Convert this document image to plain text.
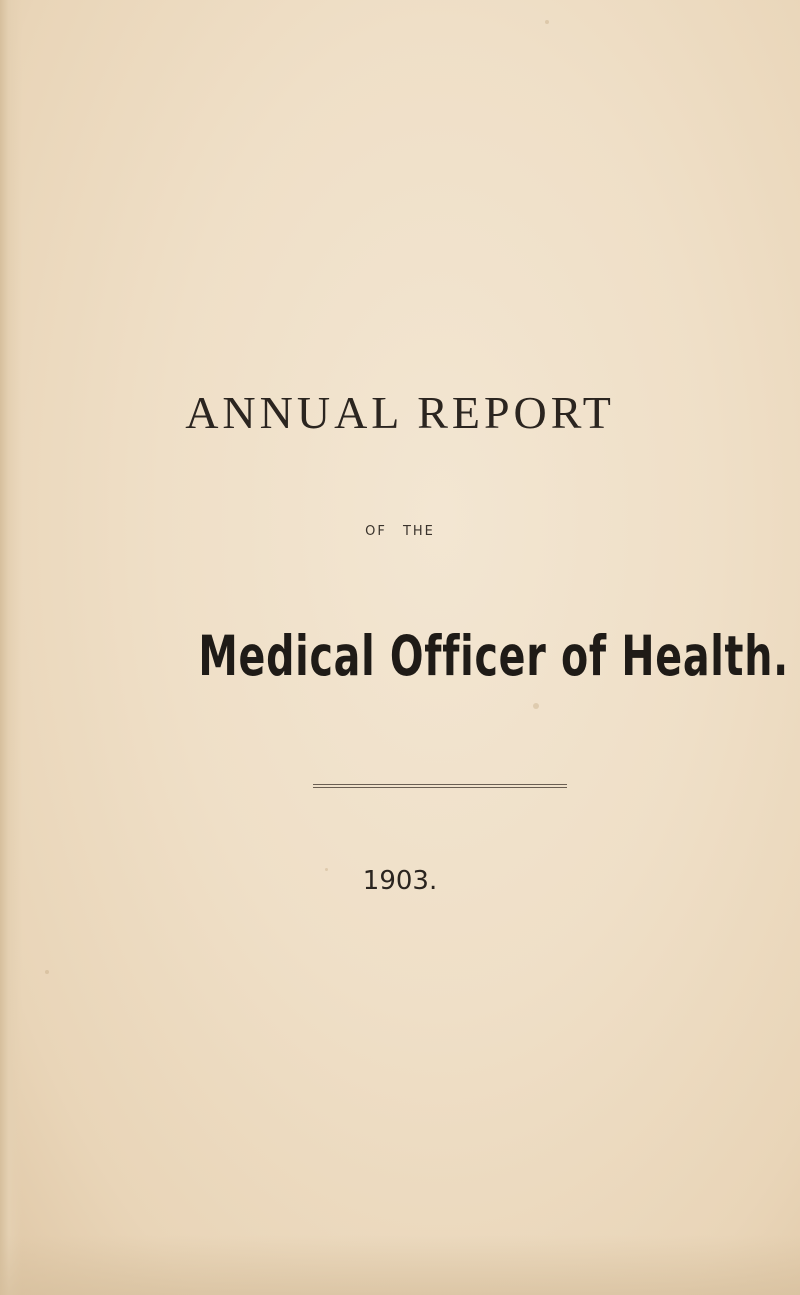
ANNUAL REPORT
OF THE
Medical Officer of Health.
1903.
